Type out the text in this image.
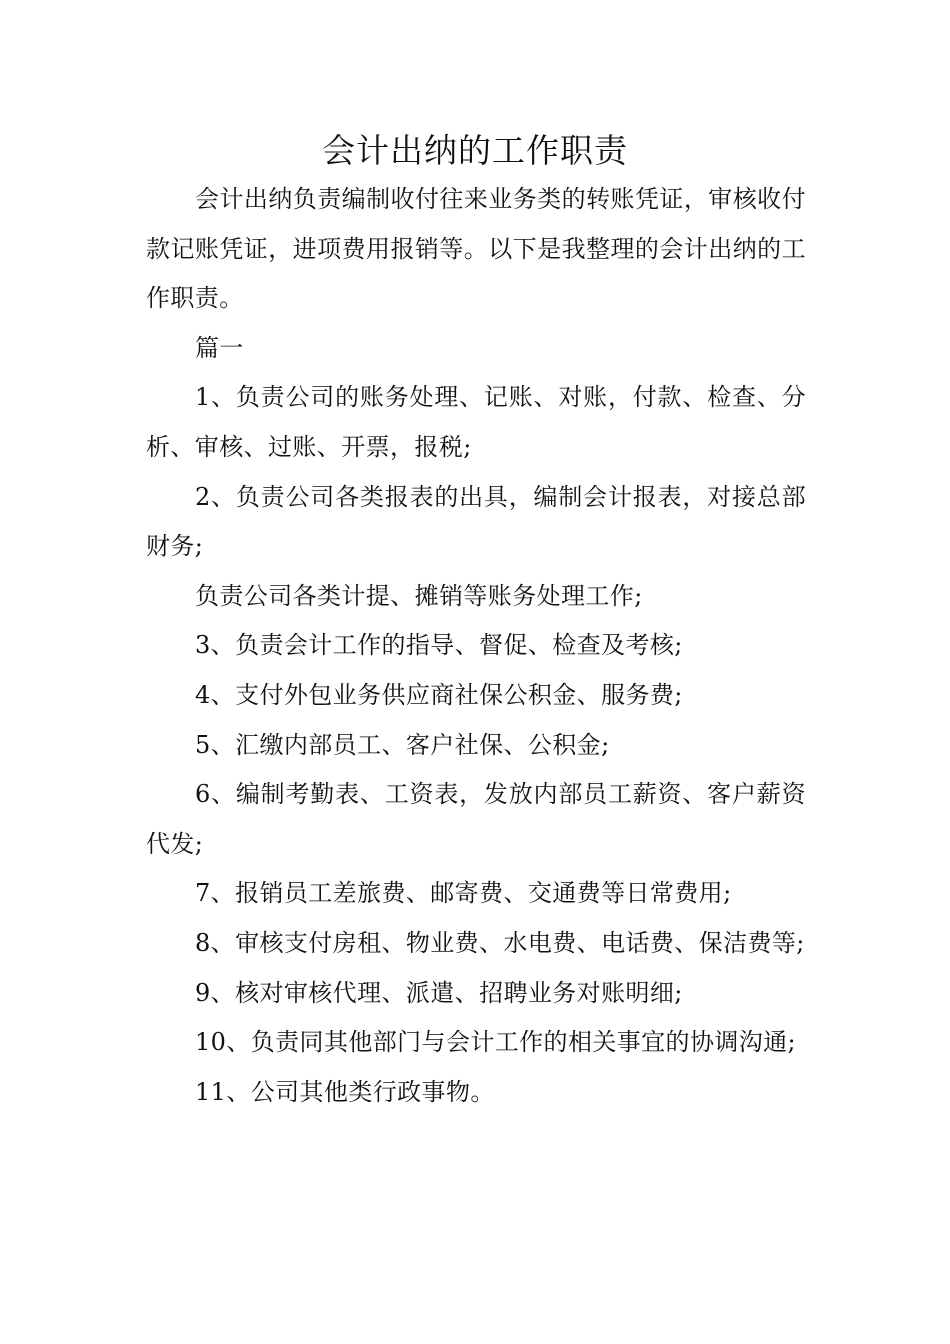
会计出纳的工作职责

会计出纳负责编制收付往来业务类的转账凭证，审核收付款记账凭证，进项费用报销等。以下是我整理的会计出纳的工作职责。

篇一

1、负责公司的账务处理、记账、对账，付款、检查、分析、审核、过账、开票，报税;

2、负责公司各类报表的出具，编制会计报表，对接总部财务;

负责公司各类计提、摊销等账务处理工作;

3、负责会计工作的指导、督促、检查及考核;

4、支付外包业务供应商社保公积金、服务费;

5、汇缴内部员工、客户社保、公积金;

6、编制考勤表、工资表，发放内部员工薪资、客户薪资代发;

7、报销员工差旅费、邮寄费、交通费等日常费用;

8、审核支付房租、物业费、水电费、电话费、保洁费等;

9、核对审核代理、派遣、招聘业务对账明细;

10、负责同其他部门与会计工作的相关事宜的协调沟通;

11、公司其他类行政事物。
